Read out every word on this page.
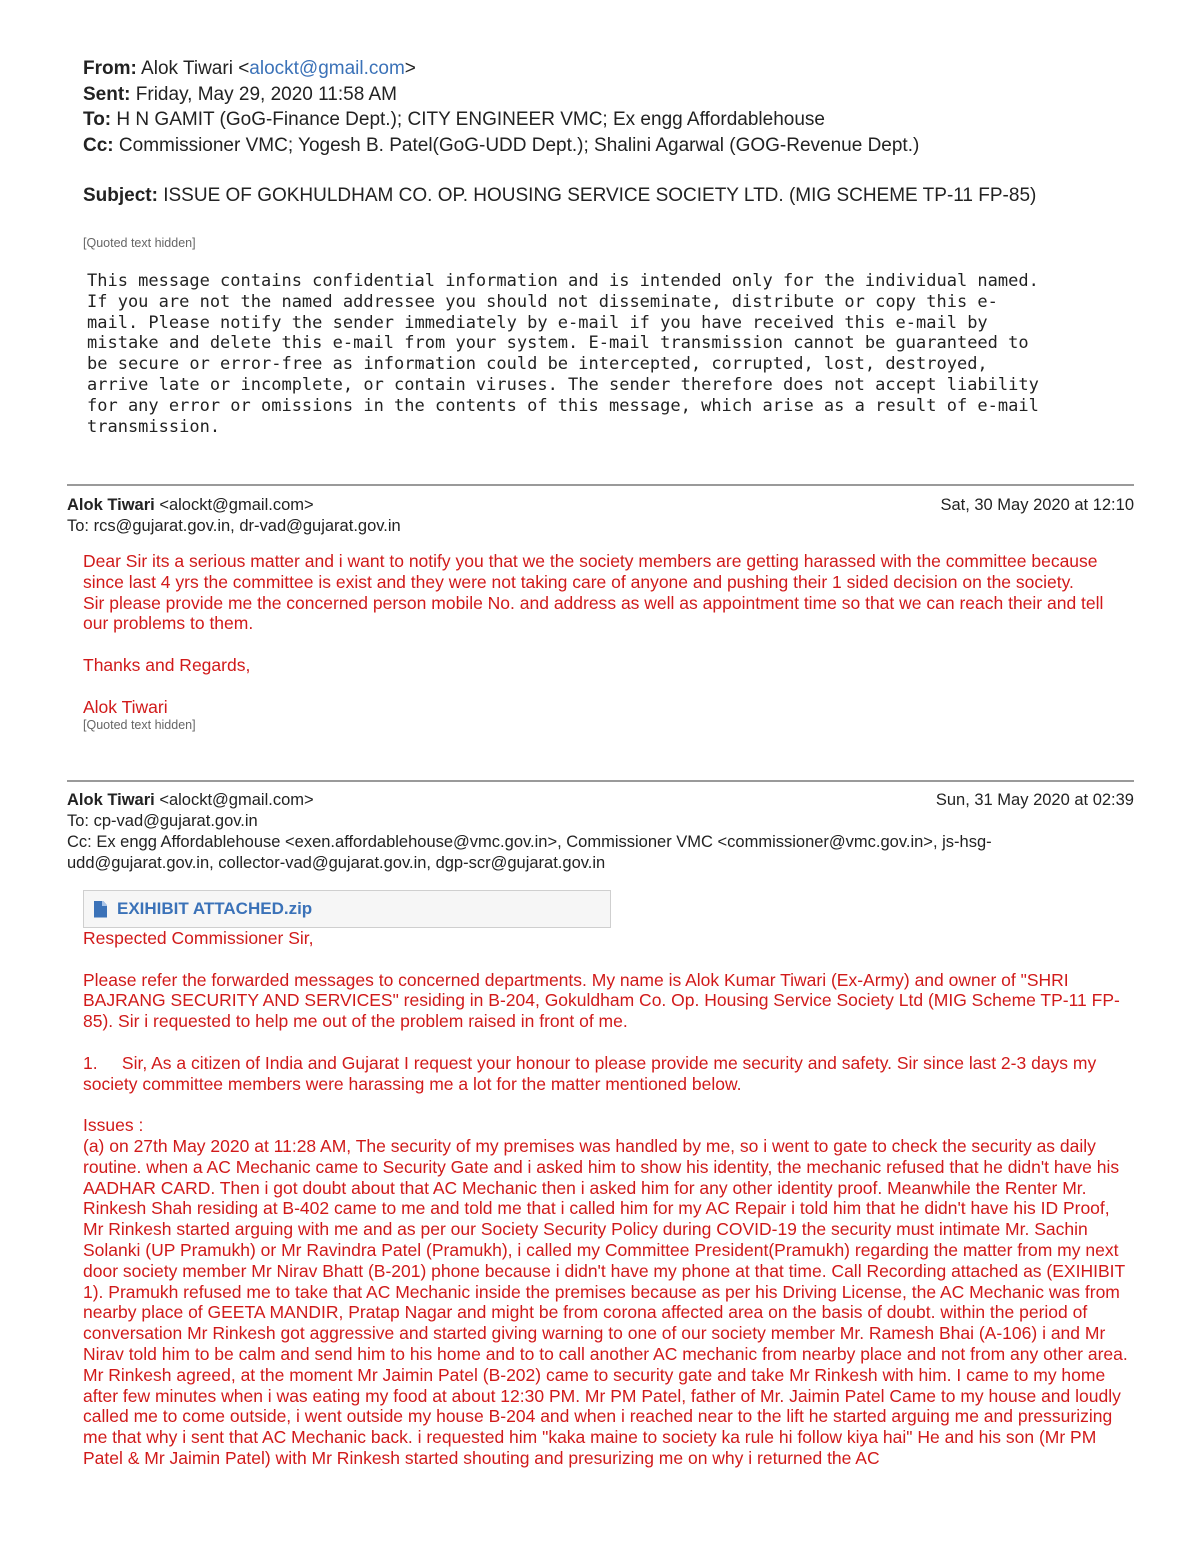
From: Alok Tiwari <alockt@gmail.com>
Sent: Friday, May 29, 2020 11:58 AM
To: H N GAMIT (GoG-Finance Dept.); CITY ENGINEER VMC; Ex engg Affordablehouse
Cc: Commissioner VMC; Yogesh B. Patel(GoG-UDD Dept.); Shalini Agarwal (GOG-Revenue Dept.)
Subject: ISSUE OF GOKHULDHAM CO. OP. HOUSING SERVICE SOCIETY LTD. (MIG SCHEME TP-11 FP-85)
[Quoted text hidden]
This message contains confidential information and is intended only for the individual named.
If you are not the named addressee you should not disseminate, distribute or copy this e-
mail. Please notify the sender immediately by e-mail if you have received this e-mail by
mistake and delete this e-mail from your system. E-mail transmission cannot be guaranteed to
be secure or error-free as information could be intercepted, corrupted, lost, destroyed,
arrive late or incomplete, or contain viruses. The sender therefore does not accept liability
for any error or omissions in the contents of this message, which arise as a result of e-mail
transmission.
Alok Tiwari <alockt@gmail.com>	Sat, 30 May 2020 at 12:10
To: rcs@gujarat.gov.in, dr-vad@gujarat.gov.in

Dear Sir its a serious matter and i want to notify you that we the society members are getting harassed with the committee because since last 4 yrs the committee is exist and they were not taking care of anyone and pushing their 1 sided decision on the society.

Sir please provide me the concerned person mobile No. and address as well as appointment time so that we can reach their and tell our problems to them.

Thanks and Regards,

Alok Tiwari

[Quoted text hidden]
Alok Tiwari <alockt@gmail.com>	Sun, 31 May 2020 at 02:39
To: cp-vad@gujarat.gov.in
Cc: Ex engg Affordablehouse <exen.affordablehouse@vmc.gov.in>, Commissioner VMC <commissioner@vmc.gov.in>, js-hsg-udd@gujarat.gov.in, collector-vad@gujarat.gov.in, dgp-scr@gujarat.gov.in
EXIHIBIT ATTACHED.zip

Respected Commissioner Sir,

Please refer the forwarded messages to concerned departments. My name is Alok Kumar Tiwari (Ex-Army) and owner of "SHRI BAJRANG SECURITY AND SERVICES" residing in B-204, Gokuldham Co. Op. Housing Service Society Ltd (MIG Scheme TP-11 FP-85). Sir i requested to help me out of the problem raised in front of me.

1.     Sir, As a citizen of India and Gujarat I request your honour to please provide me security and safety. Sir since last 2-3 days my society committee members were harassing me a lot for the matter mentioned below.

Issues :

(a) on 27th May 2020 at 11:28 AM, The security of my premises was handled by me, so i went to gate to check the security as daily routine. when a AC Mechanic came to Security Gate and i asked him to show his identity, the mechanic refused that he didn't have his AADHAR CARD. Then i got doubt about that AC Mechanic then i asked him for any other identity proof. Meanwhile the Renter Mr. Rinkesh Shah residing at B-402 came to me and told me that i called him for my AC Repair i told him that he didn't have his ID Proof, Mr Rinkesh started arguing with me and as per our Society Security Policy during COVID-19 the security must intimate Mr. Sachin Solanki (UP Pramukh) or Mr Ravindra Patel (Pramukh), i called my Committee President(Pramukh) regarding the matter from my next door society member Mr Nirav Bhatt (B-201) phone because i didn't have my phone at that time. Call Recording attached as (EXIHIBIT 1). Pramukh refused me to take that AC Mechanic inside the premises because as per his Driving License, the AC Mechanic was from nearby place of GEETA MANDIR, Pratap Nagar and might be from corona affected area on the basis of doubt. within the period of conversation Mr Rinkesh got aggressive and started giving warning to one of our society member Mr. Ramesh Bhai (A-106) i and Mr Nirav told him to be calm and send him to his home and to to call another AC mechanic from nearby place and not from any other area. Mr Rinkesh agreed, at the moment Mr Jaimin Patel (B-202) came to security gate and take Mr Rinkesh with him. I came to my home after few minutes when i was eating my food at about 12:30 PM. Mr PM Patel, father of Mr. Jaimin Patel Came to my house and loudly called me to come outside, i went outside my house B-204 and when i reached near to the lift he started arguing me and pressurizing me that why i sent that AC Mechanic back. i requested him "kaka maine to society ka rule hi follow kiya hai" He and his son (Mr PM Patel & Mr Jaimin Patel) with Mr Rinkesh started shouting and presurizing me on why i returned the AC
